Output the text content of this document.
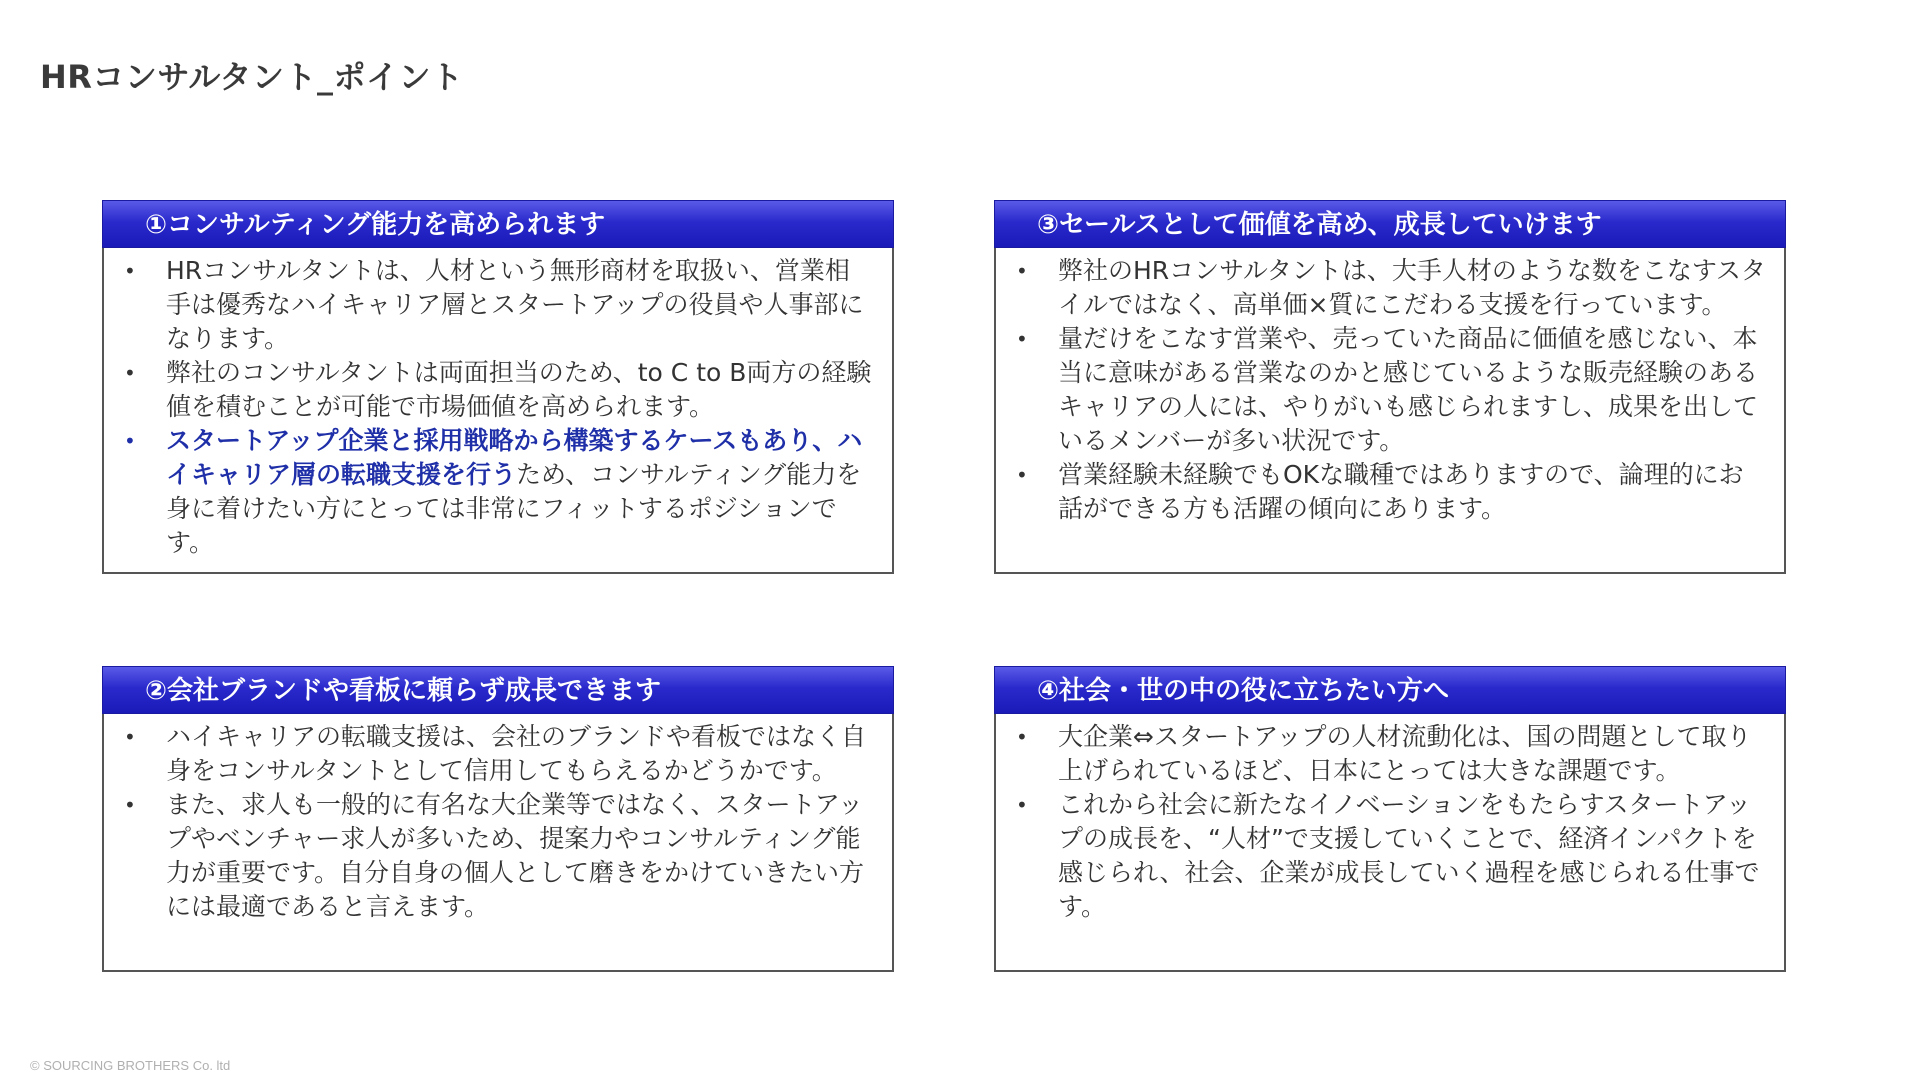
HRコンサルタント_ポイント
①コンサルティング能力を高められます
• HRコンサルタントは、人材という無形商材を取扱い、営業相手は優秀なハイキャリア層とスタートアップの役員や人事部になります。
• 弊社のコンサルタントは両面担当のため、to C to B両方の経験値を積むことが可能で市場価値を高められます。
• スタートアップ企業と採用戦略から構築するケースもあり、ハイキャリア層の転職支援を行うため、コンサルティング能力を身に着けたい方にとっては非常にフィットするポジションです。
③セールスとして価値を高め、成長していけます
• 弊社のHRコンサルタントは、大手人材のような数をこなすスタイルではなく、高単価×質にこだわる支援を行っています。
• 量だけをこなす営業や、売っていた商品に価値を感じない、本当に意味がある営業なのかと感じているような販売経験のあるキャリアの人には、やりがいも感じられますし、成果を出しているメンバーが多い状況です。
• 営業経験未経験でもOKな職種ではありますので、論理的にお話ができる方も活躍の傾向にあります。
②会社ブランドや看板に頼らず成長できます
• ハイキャリアの転職支援は、会社のブランドや看板ではなく自身をコンサルタントとして信用してもらえるかどうかです。
• また、求人も一般的に有名な大企業等ではなく、スタートアップやベンチャー求人が多いため、提案力やコンサルティング能力が重要です。自分自身の個人として磨きをかけていきたい方には最適であると言えます。
④社会・世の中の役に立ちたい方へ
• 大企業⇔スタートアップの人材流動化は、国の問題として取り上げられているほど、日本にとっては大きな課題です。
• これから社会に新たなイノベーションをもたらすスタートアップの成長を、“人材”で支援していくことで、経済インパクトを感じられ、社会、企業が成長していく過程を感じられる仕事です。
© SOURCING BROTHERS Co. ltd
